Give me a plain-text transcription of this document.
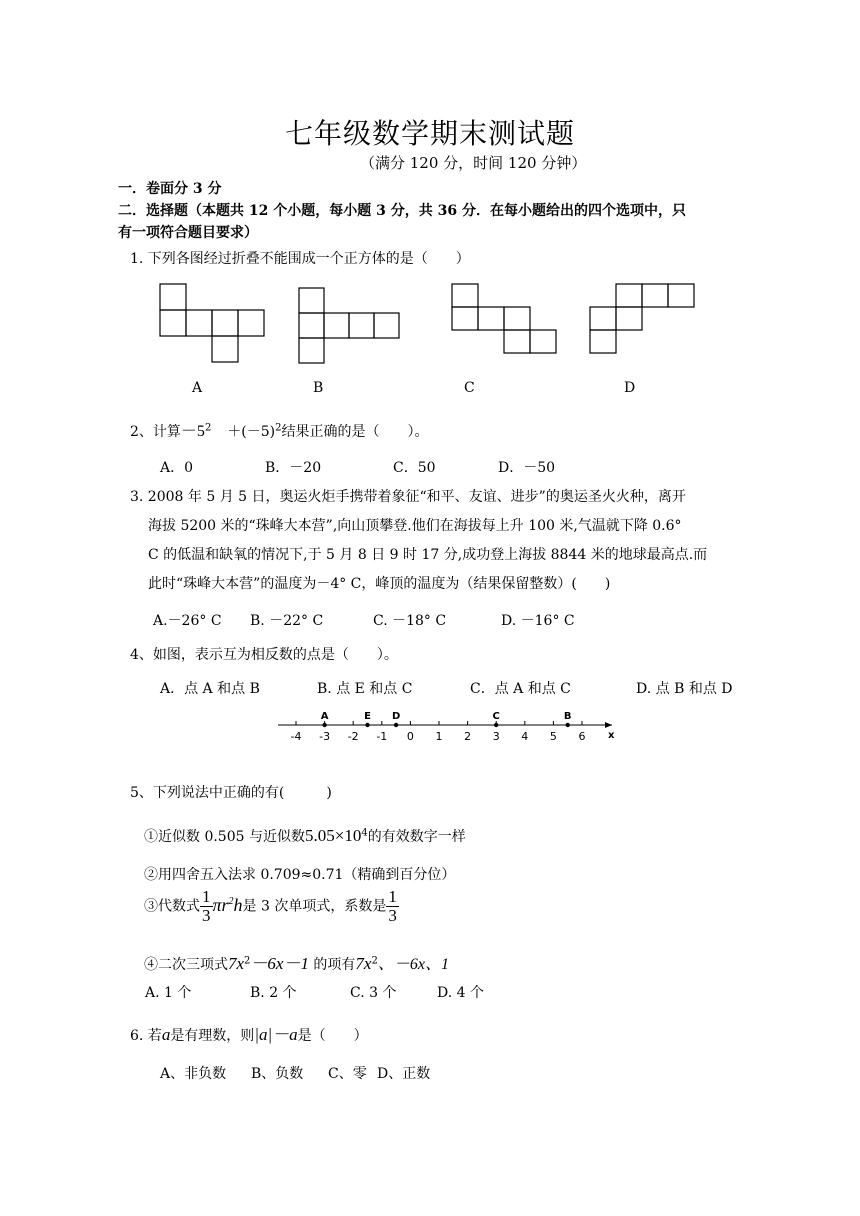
七年级数学期末测试题
（满分 120 分，时间 120 分钟）
一．卷面分 3 分
二．选择题（本题共 12 个小题，每小题 3 分，共 36 分．在每小题给出的四个选项中，只
有一项符合题目要求）
1. 下列各图经过折叠不能围成一个正方体的是（　　）
A	B	C	D
2、计算$-5^2 +(-5)^2$结果正确的是（　　）。
A．0	B．－20	C．50	D．－50
3. 2008 年 5 月 5 日，奥运火炬手携带着象征“和平、友谊、进步”的奥运圣火火种，离开
海拔 5200 米的“珠峰大本营”,向山顶攀登.他们在海拔每上升 100 米,气温就下降 0.6°
C 的低温和缺氧的情况下,于 5 月 8 日 9 时 17 分,成功登上海拔 8844 米的地球最高点.而
此时“珠峰大本营”的温度为－4° C，峰顶的温度为（结果保留整数）(　　)
A.－26° C B. －22° C	C. －18° C	D. －16° C
4、如图，表示互为相反数的点是（　　）。
A．点 A 和点 B	B. 点 E 和点 C	C．点 A 和点 C	D. 点 B 和点 D
x
-4 -3 -2 -1 0 1 2 3 4 5 6
A	E D	C	B
5、下列说法中正确的有(　　　)
①近似数 0.505 与近似数$5.05\times 10^4$的有效数字一样
②用四舍五入法求 0.709≈0.71（精确到百分位）
③代数式 $\frac{1}{3} \pi r^2h$是 3 次单项式，系数是 $\frac{1}{3}$
④二次三项式$7x^2-6x-1$ 的项有$7x^2$、－6x、1
A. 1 个	B. 2 个	C. 3 个	D. 4 个
6. 若a是有理数，则|a|－a是（　　）
A、非负数 B、负数 C、零 D、正数
